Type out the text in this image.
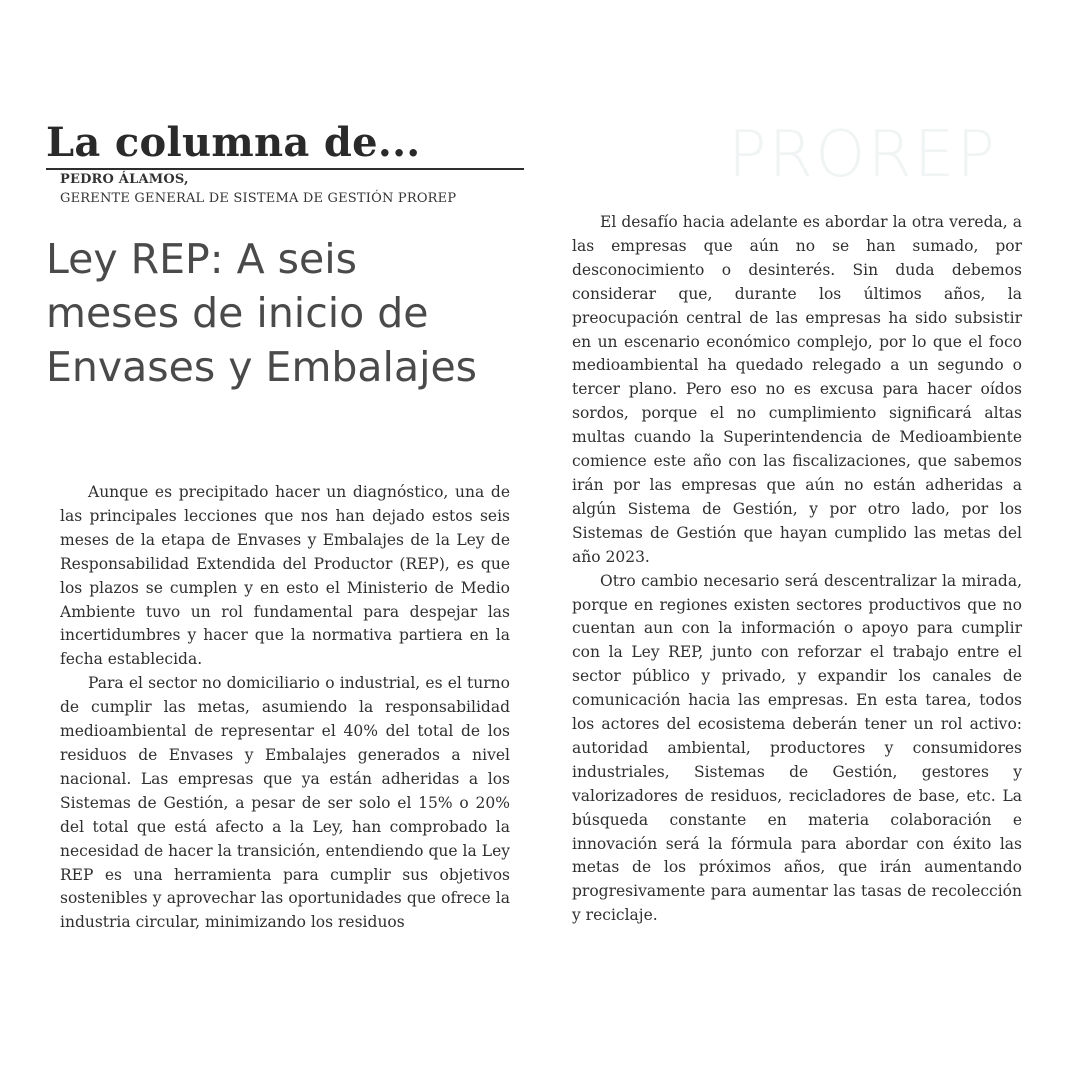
La columna de...
PEDRO ÁLAMOS,
GERENTE GENERAL DE SISTEMA DE GESTIÓN PROREP
PROREP
Ley REP: A seis meses de inicio de Envases y Embalajes

Aunque es precipitado hacer un diagnóstico, una de las principales lecciones que nos han dejado estos seis meses de la etapa de Envases y Embalajes de la Ley de Responsabilidad Extendida del Productor (REP), es que los plazos se cumplen y en esto el Ministerio de Medio Ambiente tuvo un rol fundamental para despejar las incertidumbres y hacer que la normativa partiera en la fecha establecida.

Para el sector no domiciliario o industrial, es el turno de cumplir las metas, asumiendo la responsabilidad medioambiental de representar el 40% del total de los residuos de Envases y Embalajes generados a nivel nacional. Las empresas que ya están adheridas a los Sistemas de Gestión, a pesar de ser solo el 15% o 20% del total que está afecto a la Ley, han comprobado la necesidad de hacer la transición, entendiendo que la Ley REP es una herramienta para cumplir sus objetivos sostenibles y aprovechar las oportunidades que ofrece la industria circular, minimizando los residuos

El desafío hacia adelante es abordar la otra vereda, a las empresas que aún no se han sumado, por desconocimiento o desinterés. Sin duda debemos considerar que, durante los últimos años, la preocupación central de las empresas ha sido subsistir en un escenario económico complejo, por lo que el foco medioambiental ha quedado relegado a un segundo o tercer plano. Pero eso no es excusa para hacer oídos sordos, porque el no cumplimiento significará altas multas cuando la Superintendencia de Medioambiente comience este año con las fiscalizaciones, que sabemos irán por las empresas que aún no están adheridas a algún Sistema de Gestión, y por otro lado, por los Sistemas de Gestión que hayan cumplido las metas del año 2023.

Otro cambio necesario será descentralizar la mirada, porque en regiones existen sectores productivos que no cuentan aun con la información o apoyo para cumplir con la Ley REP, junto con reforzar el trabajo entre el sector público y privado, y expandir los canales de comunicación hacia las empresas. En esta tarea, todos los actores del ecosistema deberán tener un rol activo: autoridad ambiental, productores y consumidores industriales, Sistemas de Gestión, gestores y valorizadores de residuos, recicladores de base, etc. La búsqueda constante en materia colaboración e innovación será la fórmula para abordar con éxito las metas de los próximos años, que irán aumentando progresivamente para aumentar las tasas de recolección y reciclaje.
